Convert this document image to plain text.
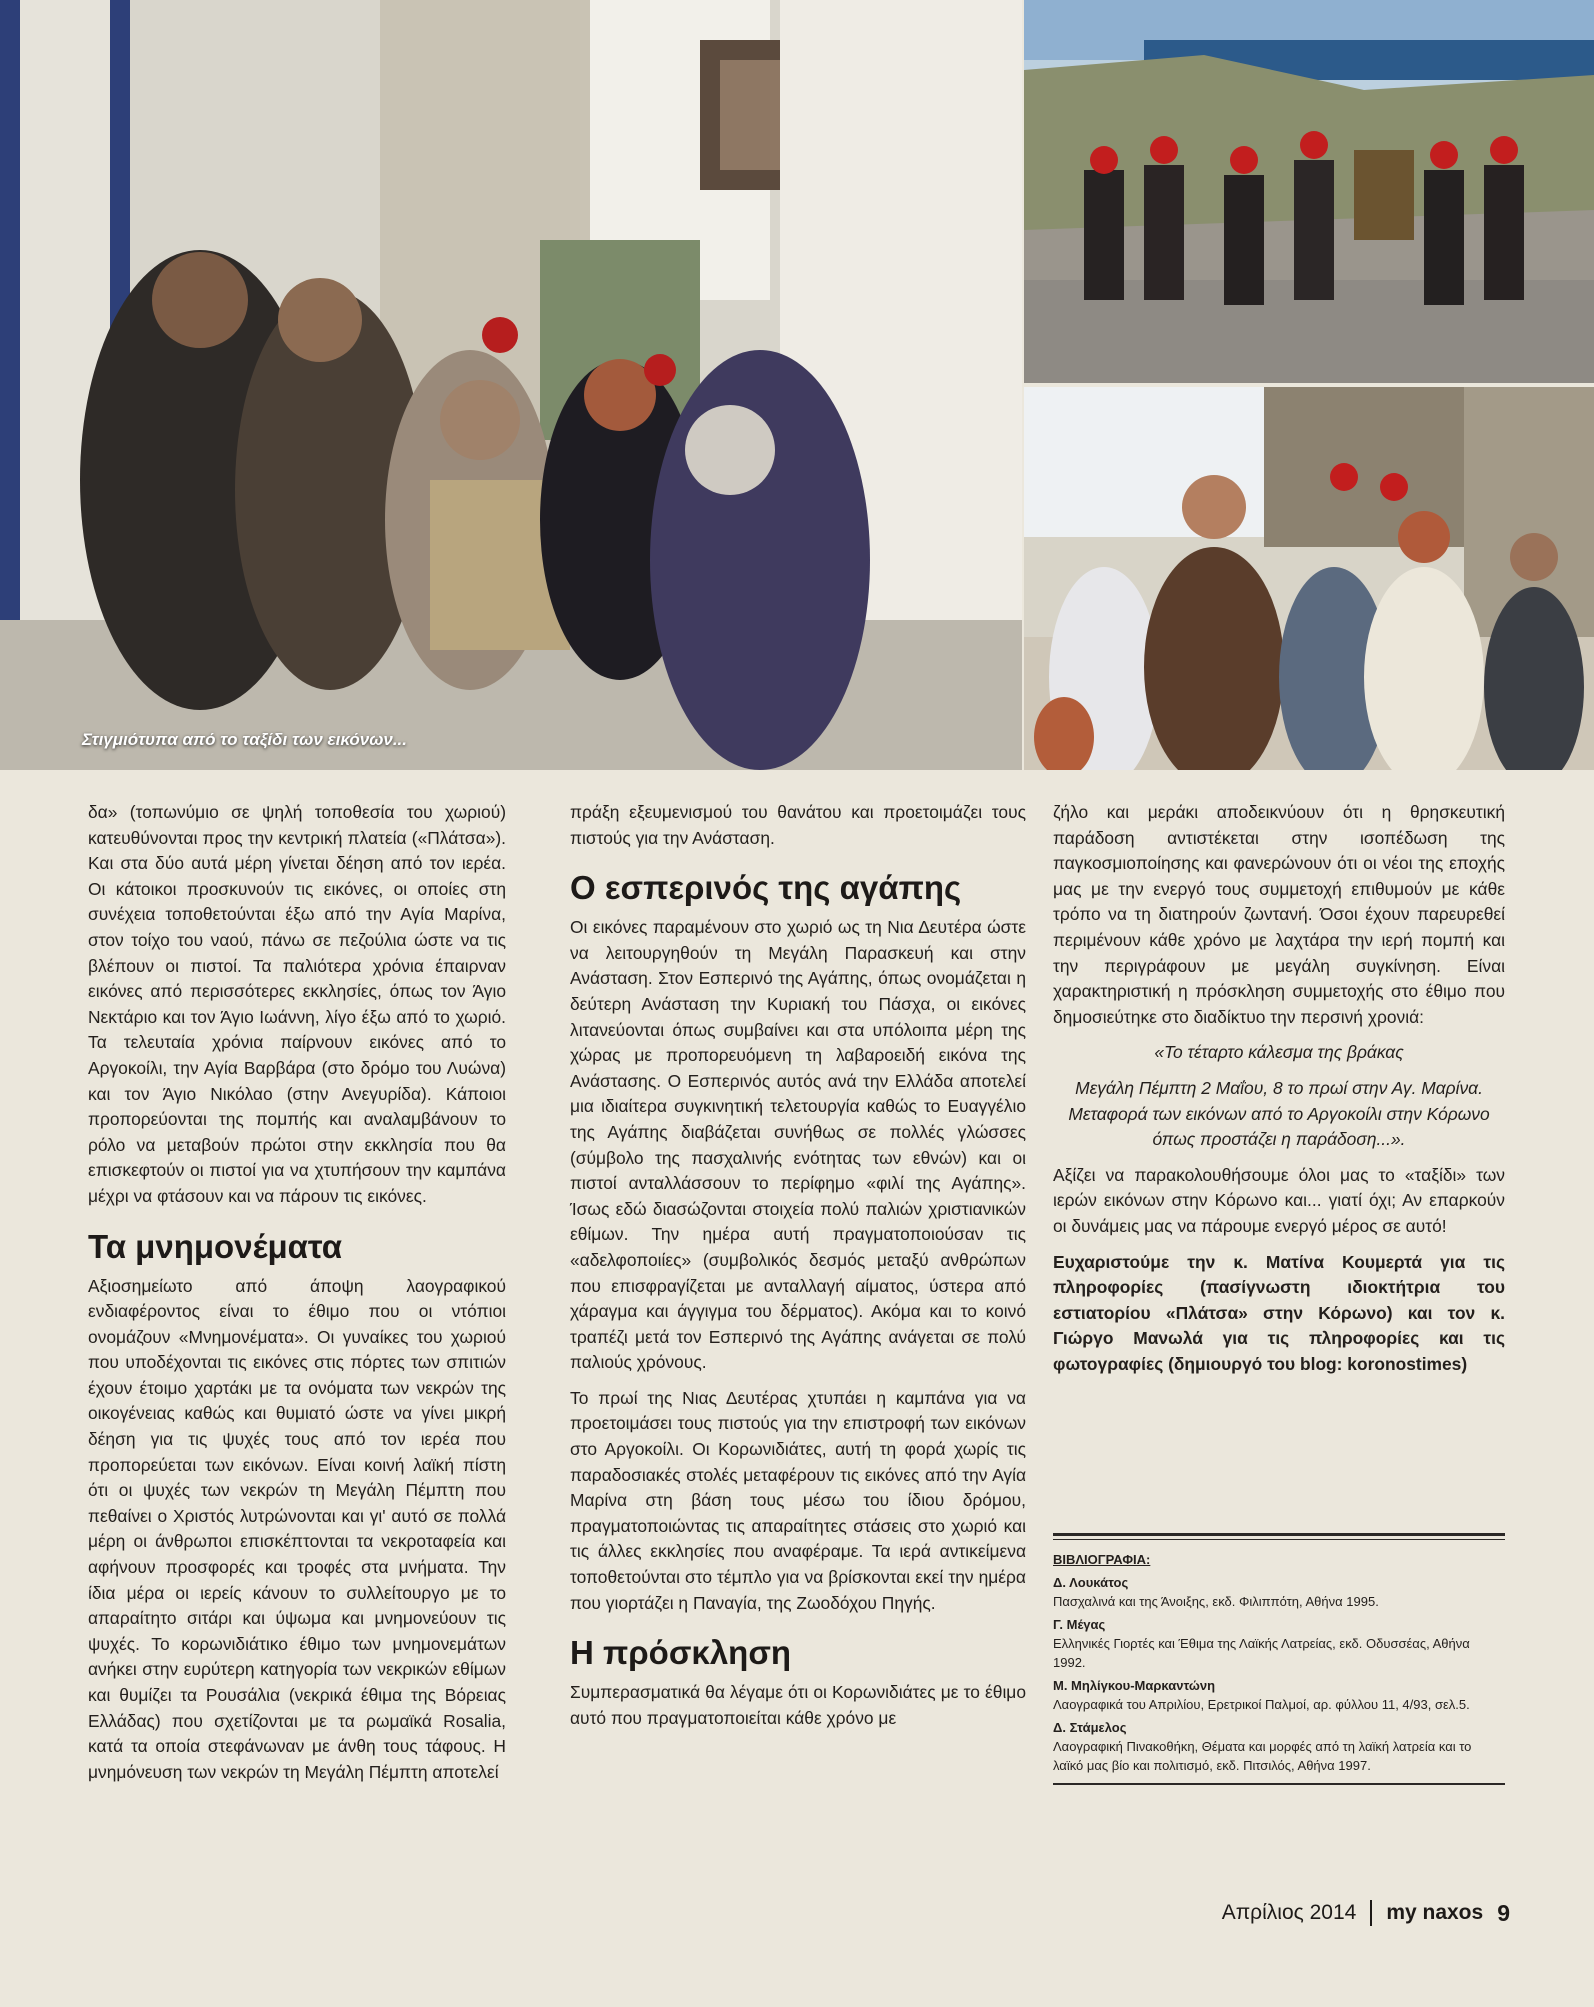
Στιγμιότυπα από το ταξίδι των εικόνων...

δα» (τοπωνύμιο σε ψηλή τοποθεσία του χωριού) κατευθύνονται προς την κεντρική πλατεία («Πλάτσα»). Και στα δύο αυτά μέρη γίνεται δέηση από τον ιερέα. Οι κάτοικοι προσκυνούν τις εικόνες, οι οποίες στη συνέχεια τοποθετούνται έξω από την Αγία Μαρίνα, στον τοίχο του ναού, πάνω σε πεζούλια ώστε να τις βλέπουν οι πιστοί. Τα παλιότερα χρόνια έπαιρναν εικόνες από περισσότερες εκκλησίες, όπως τον Άγιο Νεκτάριο και τον Άγιο Ιωάννη, λίγο έξω από το χωριό. Τα τελευταία χρόνια παίρνουν εικόνες από το Αργοκοίλι, την Αγία Βαρβάρα (στο δρόμο του Λυώνα) και τον Άγιο Νικόλαο (στην Ανεγυρίδα). Κάποιοι προπορεύονται της πομπής και αναλαμβάνουν το ρόλο να μεταβούν πρώτοι στην εκκλησία που θα επισκεφτούν οι πιστοί για να χτυπήσουν την καμπάνα μέχρι να φτάσουν και να πάρουν τις εικόνες.

Τα μνημονέματα

Αξιοσημείωτο από άποψη λαογραφικού ενδιαφέροντος είναι το έθιμο που οι ντόπιοι ονομάζουν «Μνημονέματα». Οι γυναίκες του χωριού που υποδέχονται τις εικόνες στις πόρτες των σπιτιών έχουν έτοιμο χαρτάκι με τα ονόματα των νεκρών της οικογένειας καθώς και θυμιατό ώστε να γίνει μικρή δέηση για τις ψυχές τους από τον ιερέα που προπορεύεται των εικόνων. Είναι κοινή λαϊκή πίστη ότι οι ψυχές των νεκρών τη Μεγάλη Πέμπτη που πεθαίνει ο Χριστός λυτρώνονται και γι' αυτό σε πολλά μέρη οι άνθρωποι επισκέπτονται τα νεκροταφεία και αφήνουν προσφορές και τροφές στα μνήματα. Την ίδια μέρα οι ιερείς κάνουν το συλλείτουργο με το απαραίτητο σιτάρι και ύψωμα και μνημονεύουν τις ψυχές. Το κορωνιδιάτικο έθιμο των μνημονεμάτων ανήκει στην ευρύτερη κατηγορία των νεκρικών εθίμων και θυμίζει τα Ρουσάλια (νεκρικά έθιμα της Βόρειας Ελλάδας) που σχετίζονται με τα ρωμαϊκά Rosalia, κατά τα οποία στεφάνωναν με άνθη τους τάφους. Η μνημόνευση των νεκρών τη Μεγάλη Πέμπτη αποτελεί

πράξη εξευμενισμού του θανάτου και προετοιμάζει τους πιστούς για την Ανάσταση.

Ο εσπερινός της αγάπης

Οι εικόνες παραμένουν στο χωριό ως τη Νια Δευτέρα ώστε να λειτουργηθούν τη Μεγάλη Παρασκευή και στην Ανάσταση. Στον Εσπερινό της Αγάπης, όπως ονομάζεται η δεύτερη Ανάσταση την Κυριακή του Πάσχα, οι εικόνες λιτανεύονται όπως συμβαίνει και στα υπόλοιπα μέρη της χώρας με προπορευόμενη τη λαβαροειδή εικόνα της Ανάστασης. Ο Εσπερινός αυτός ανά την Ελλάδα αποτελεί μια ιδιαίτερα συγκινητική τελετουργία καθώς το Ευαγγέλιο της Αγάπης διαβάζεται συνήθως σε πολλές γλώσσες (σύμβολο της πασχαλινής ενότητας των εθνών) και οι πιστοί ανταλλάσσουν το περίφημο «φιλί της Αγάπης». Ίσως εδώ διασώζονται στοιχεία πολύ παλιών χριστιανικών εθίμων. Την ημέρα αυτή πραγματοποιούσαν τις «αδελφοποιίες» (συμβολικός δεσμός μεταξύ ανθρώπων που επισφραγίζεται με ανταλλαγή αίματος, ύστερα από χάραγμα και άγγιγμα του δέρματος). Ακόμα και το κοινό τραπέζι μετά τον Εσπερινό της Αγάπης ανάγεται σε πολύ παλιούς χρόνους.

Το πρωί της Νιας Δευτέρας χτυπάει η καμπάνα για να προετοιμάσει τους πιστούς για την επιστροφή των εικόνων στο Αργοκοίλι. Οι Κορωνιδιάτες, αυτή τη φορά χωρίς τις παραδοσιακές στολές μεταφέρουν τις εικόνες από την Αγία Μαρίνα στη βάση τους μέσω του ίδιου δρόμου, πραγματοποιώντας τις απαραίτητες στάσεις στο χωριό και τις άλλες εκκλησίες που αναφέραμε. Τα ιερά αντικείμενα τοποθετούνται στο τέμπλο για να βρίσκονται εκεί την ημέρα που γιορτάζει η Παναγία, της Ζωοδόχου Πηγής.

Η πρόσκληση

Συμπερασματικά θα λέγαμε ότι οι Κορωνιδιάτες με το έθιμο αυτό που πραγματοποιείται κάθε χρόνο με

ζήλο και μεράκι αποδεικνύουν ότι η θρησκευτική παράδοση αντιστέκεται στην ισοπέδωση της παγκοσμιοποίησης και φανερώνουν ότι οι νέοι της εποχής μας με την ενεργό τους συμμετοχή επιθυμούν με κάθε τρόπο να τη διατηρούν ζωντανή. Όσοι έχουν παρευρεθεί περιμένουν κάθε χρόνο με λαχτάρα την ιερή πομπή και την περιγράφουν με μεγάλη συγκίνηση. Είναι χαρακτηριστική η πρόσκληση συμμετοχής στο έθιμο που δημοσιεύτηκε στο διαδίκτυο την περσινή χρονιά:

«Το τέταρτο κάλεσμα της βράκας

Μεγάλη Πέμπτη 2 Μαΐου, 8 το πρωί στην Αγ. Μαρίνα. Μεταφορά των εικόνων από το Αργοκοίλι στην Κόρωνο όπως προστάζει η παράδοση...».

Αξίζει να παρακολουθήσουμε όλοι μας το «ταξίδι» των ιερών εικόνων στην Κόρωνο και... γιατί όχι; Αν επαρκούν οι δυνάμεις μας να πάρουμε ενεργό μέρος σε αυτό!

Ευχαριστούμε την κ. Ματίνα Κουμερτά για τις πληροφορίες (πασίγνωστη ιδιοκτήτρια του εστιατορίου «Πλάτσα» στην Κόρωνο) και τον κ. Γιώργο Μανωλά για τις πληροφορίες και τις φωτογραφίες (δημιουργό του blog: koronostimes)

ΒΙΒΛΙΟΓΡΑΦΙΑ:
Δ. Λουκάτος
Πασχαλινά και της Άνοιξης, εκδ. Φιλιππότη, Αθήνα 1995.
Γ. Μέγας
Ελληνικές Γιορτές και Έθιμα της Λαϊκής Λατρείας, εκδ. Οδυσσέας, Αθήνα 1992.
Μ. Μηλίγκου-Μαρκαντώνη
Λαογραφικά του Απριλίου, Ερετρικοί Παλμοί, αρ. φύλλου 11, 4/93, σελ.5.
Δ. Στάμελος
Λαογραφική Πινακοθήκη, Θέματα και μορφές από τη λαϊκή λατρεία και το λαϊκό μας βίο και πολιτισμό, εκδ. Πιτσιλός, Αθήνα 1997.
Απρίλιος 2014 my naxos 9
